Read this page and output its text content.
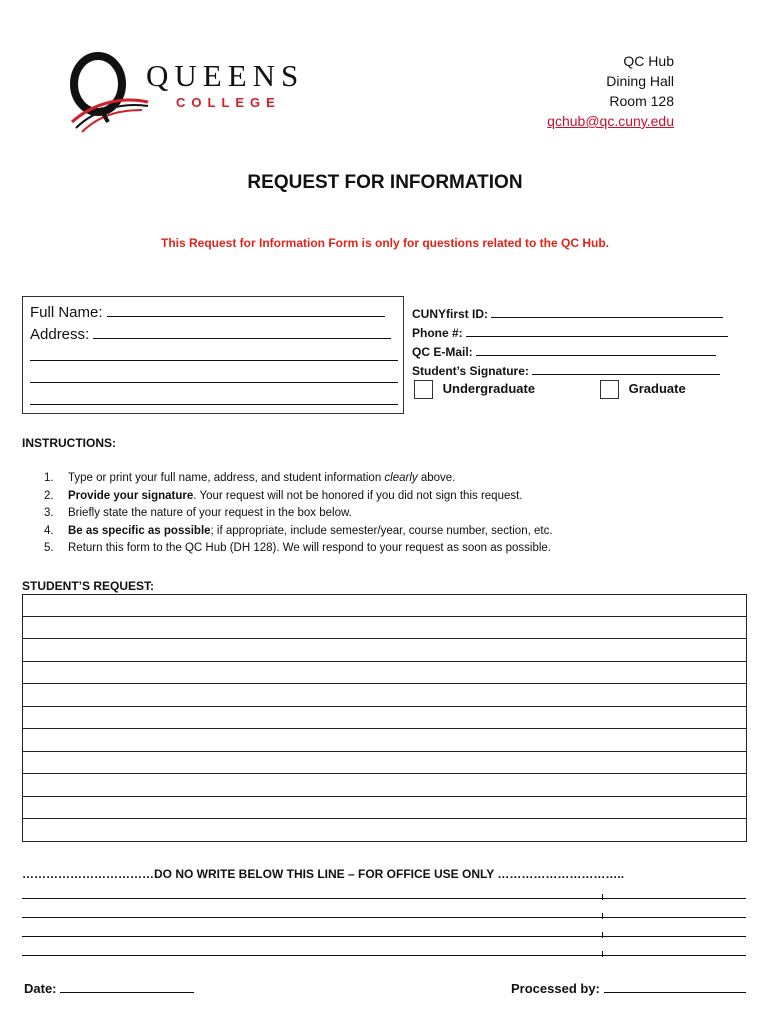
QUEENS
COLLEGE
QC Hub
Dining Hall
Room 128
qchub@qc.cuny.edu
REQUEST FOR INFORMATION
This Request for Information Form is only for questions related to the QC Hub.
Full Name:
Address:
CUNYfirst ID:
Phone #:
QC E-Mail:
Student’s Signature:
Undergraduate	Graduate
INSTRUCTIONS:
1. Type or print your full name, address, and student information clearly above.
2. Provide your signature. Your request will not be honored if you did not sign this request.
3. Briefly state the nature of your request in the box below.
4. Be as specific as possible; if appropriate, include semester/year, course number, section, etc.
5. Return this form to the QC Hub (DH 128). We will respond to your request as soon as possible.
STUDENT’S REQUEST:
……………………………DO NO WRITE BELOW THIS LINE – FOR OFFICE USE ONLY …………………………..
Date:	Processed by:
